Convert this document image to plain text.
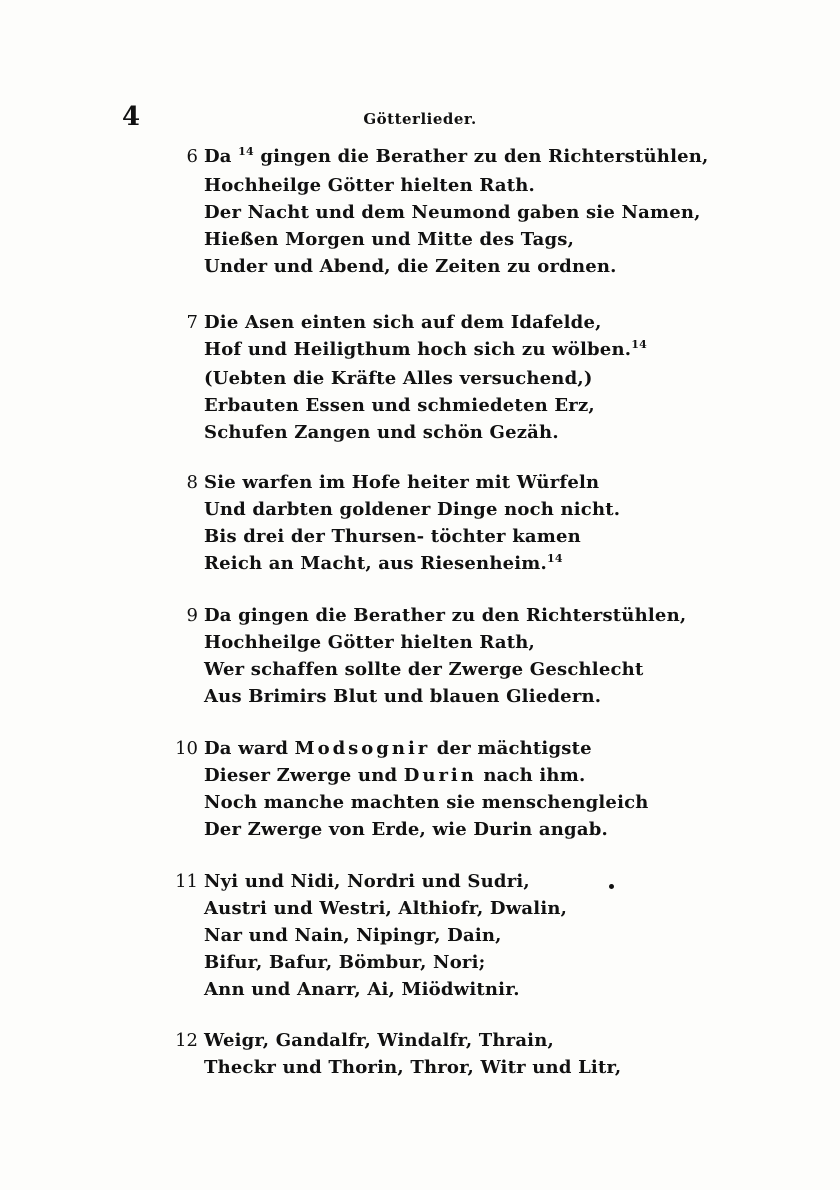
4	Götterlieder.
6 Da $^{14}$ gingen die Berather zu den Richterstühlen,

Hochheilge Götter hielten Rath.

Der Nacht und dem Neumond gaben sie Namen,

Hießen Morgen und Mitte des Tags,

Under und Abend, die Zeiten zu ordnen.

7 Die Asen einten sich auf dem Idafelde,

Hof und Heiligthum hoch sich zu wölben.$^{14}$

(Uebten die Kräfte Alles versuchend,)

Erbauten Essen und schmiedeten Erz,

Schufen Zangen und schön Gezäh.

8 Sie warfen im Hofe heiter mit Würfeln

Und darbten goldener Dinge noch nicht.

Bis drei der Thursen- töchter kamen

Reich an Macht, aus Riesenheim.$^{14}$

9 Da gingen die Berather zu den Richterstühlen,

Hochheilge Götter hielten Rath,

Wer schaffen sollte der Zwerge Geschlecht

Aus Brimirs Blut und blauen Gliedern.

10 Da ward Modsognir der mächtigste

Dieser Zwerge und Durin nach ihm.

Noch manche machten sie menschengleich

Der Zwerge von Erde, wie Durin angab.

11 Nyi und Nidi, Nordri und Sudri,

Austri und Westri, Althiofr, Dwalin,

Nar und Nain, Nipingr, Dain,

Bifur, Bafur, Bömbur, Nori;

Ann und Anarr, Ai, Miödwitnir.

12 Weigr, Gandalfr, Windalfr, Thrain,

Theckr und Thorin, Thror, Witr und Litr,
